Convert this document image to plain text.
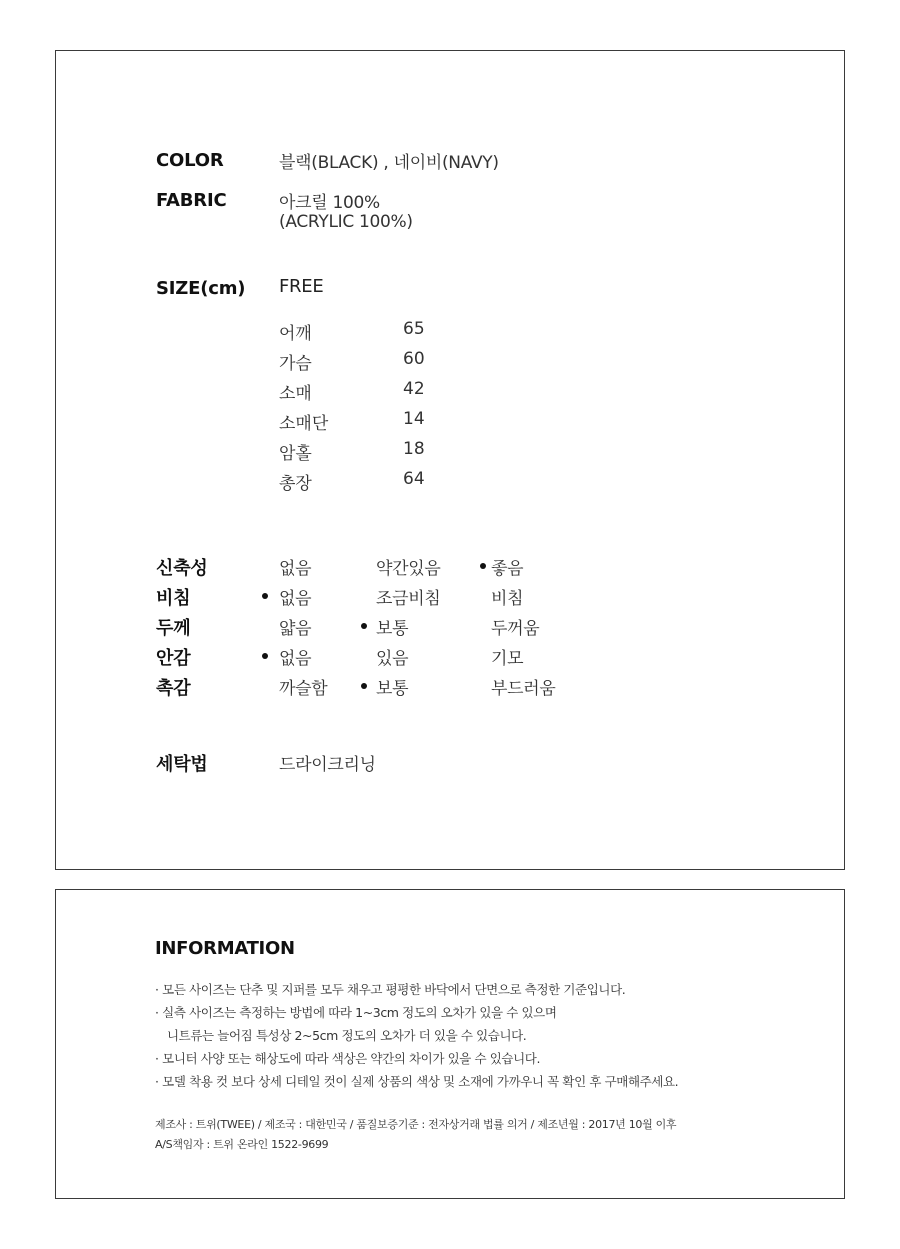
COLOR	블랙(BLACK) , 네이비(NAVY)
FABRIC	아크릴 100%
(ACRYLIC 100%)
SIZE(cm) FREE
어깨	65
가슴	60
소매	42
소매단	14
암홀	18
총장	64
신축성	없음	약간있음	좋음
비침	없음	조금비침	비침
두께	얇음	보통	두꺼움
안감	없음	있음	기모
촉감	까슬함	보통	부드러움
세탁법	드라이크리닝
INFORMATION
· 모든 사이즈는 단추 및 지퍼를 모두 채우고 평평한 바닥에서 단면으로 측정한 기준입니다.
· 실측 사이즈는 측정하는 방법에 따라 1~3cm 정도의 오차가 있을 수 있으며
니트류는 늘어짐 특성상 2~5cm 정도의 오차가 더 있을 수 있습니다.
· 모니터 사양 또는 해상도에 따라 색상은 약간의 차이가 있을 수 있습니다.
· 모델 착용 컷 보다 상세 디테일 컷이 실제 상품의 색상 및 소재에 가까우니 꼭 확인 후 구매해주세요.
제조사 : 트위(TWEE) / 제조국 : 대한민국 / 품질보증기준 : 전자상거래 법률 의거 / 제조년월 : 2017년 10월 이후
A/S책임자 : 트위 온라인 1522-9699
